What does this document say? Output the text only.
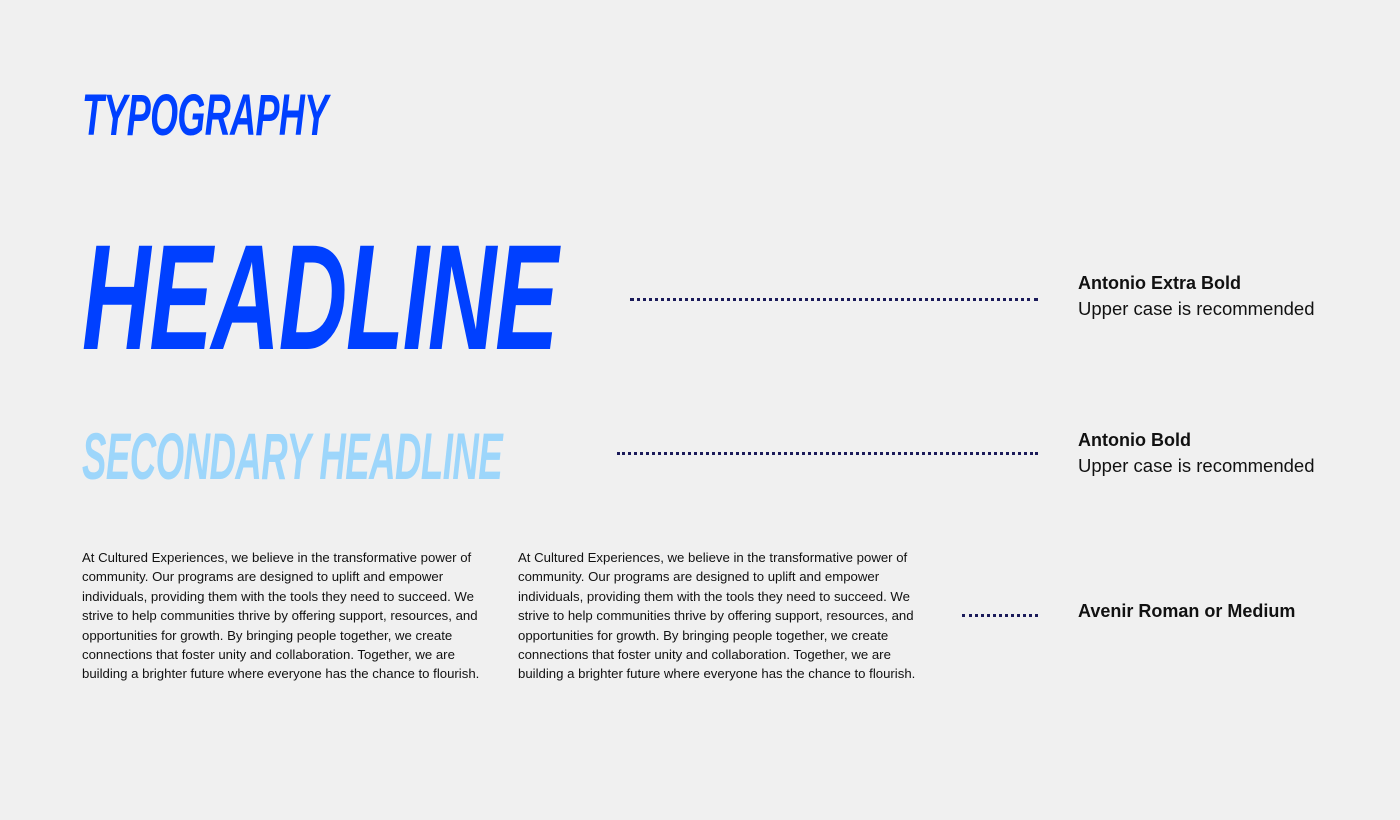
TYPOGRAPHY
HEADLINE	Antonio Extra Bold
Upper case is recommended
SECONDARY HEADLINE	Antonio Bold
Upper case is recommended

At Cultured Experiences, we believe in the transformative power of community. Our programs are designed to uplift and empower individuals, providing them with the tools they need to succeed. We strive to help communities thrive by offering support, resources, and opportunities for growth. By bringing people together, we create connections that foster unity and collaboration. Together, we are building a brighter future where everyone has the chance to flourish.

At Cultured Experiences, we believe in the transformative power of community. Our programs are designed to uplift and empower individuals, providing them with the tools they need to succeed. We strive to help communities thrive by offering support, resources, and opportunities for growth. By bringing people together, we create connections that foster unity and collaboration. Together, we are building a brighter future where everyone has the chance to flourish.

Avenir Roman or Medium
